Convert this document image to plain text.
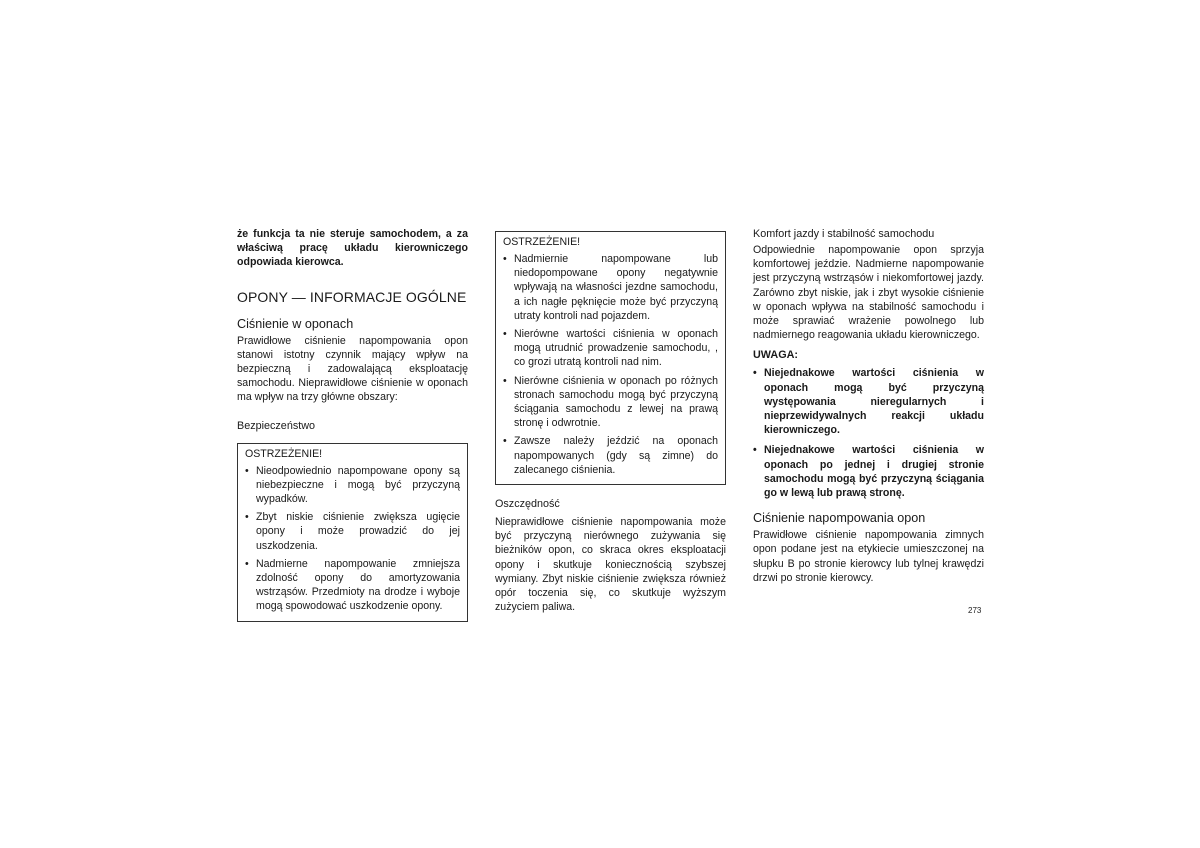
że funkcja ta nie steruje samochodem, a za właściwą pracę układu kierowniczego odpowiada kierowca.

OPONY — INFORMACJE OGÓLNE
Ciśnienie w oponach

Prawidłowe ciśnienie napompowania opon stanowi istotny czynnik mający wpływ na bezpieczną i zadowalającą eksploatację samochodu. Nieprawidłowe ciśnienie w oponach ma wpływ na trzy główne obszary:

Bezpieczeństwo
OSTRZEŻENIE!
• Nieodpowiednio napompowane opony są niebezpieczne i mogą być przyczyną wypadków.
• Zbyt niskie ciśnienie zwiększa ugięcie opony i może prowadzić do jej uszkodzenia.
• Nadmierne napompowanie zmniejsza zdolność opony do amortyzowania wstrząsów. Przedmioty na drodze i wyboje mogą spowodować uszkodzenie opony.
OSTRZEŻENIE!
• Nadmiernie napompowane lub niedopompowane opony negatywnie wpływają na własności jezdne samochodu, a ich nagłe pęknięcie może być przyczyną utraty kontroli nad pojazdem.
• Nierówne wartości ciśnienia w oponach mogą utrudnić prowadzenie samochodu, , co grozi utratą kontroli nad nim.
• Nierówne ciśnienia w oponach po różnych stronach samochodu mogą być przyczyną ściągania samochodu z lewej na prawą stronę i odwrotnie.
• Zawsze należy jeździć na oponach napompowanych (gdy są zimne) do zalecanego ciśnienia.
Oszczędność

Nieprawidłowe ciśnienie napompowania może być przyczyną nierównego zużywania się bieżników opon, co skraca okres eksploatacji opony i skutkuje koniecznością szybszej wymiany. Zbyt niskie ciśnienie zwiększa również opór toczenia się, co skutkuje wyższym zużyciem paliwa.

Komfort jazdy i stabilność samochodu

Odpowiednie napompowanie opon sprzyja komfortowej jeździe. Nadmierne napompowanie jest przyczyną wstrząsów i niekomfortowej jazdy. Zarówno zbyt niskie, jak i zbyt wysokie ciśnienie w oponach wpływa na stabilność samochodu i może sprawiać wrażenie powolnego lub nadmiernego reagowania układu kierowniczego.

UWAGA:
• Niejednakowe wartości ciśnienia w oponach mogą być przyczyną występowania nieregularnych i nieprzewidywalnych reakcji układu kierowniczego.
• Niejednakowe wartości ciśnienia w oponach po jednej i drugiej stronie samochodu mogą być przyczyną ściągania go w lewą lub prawą stronę.
Ciśnienie napompowania opon

Prawidłowe ciśnienie napompowania zimnych opon podane jest na etykiecie umieszczonej na słupku B po stronie kierowcy lub tylnej krawędzi drzwi po stronie kierowcy.

273
